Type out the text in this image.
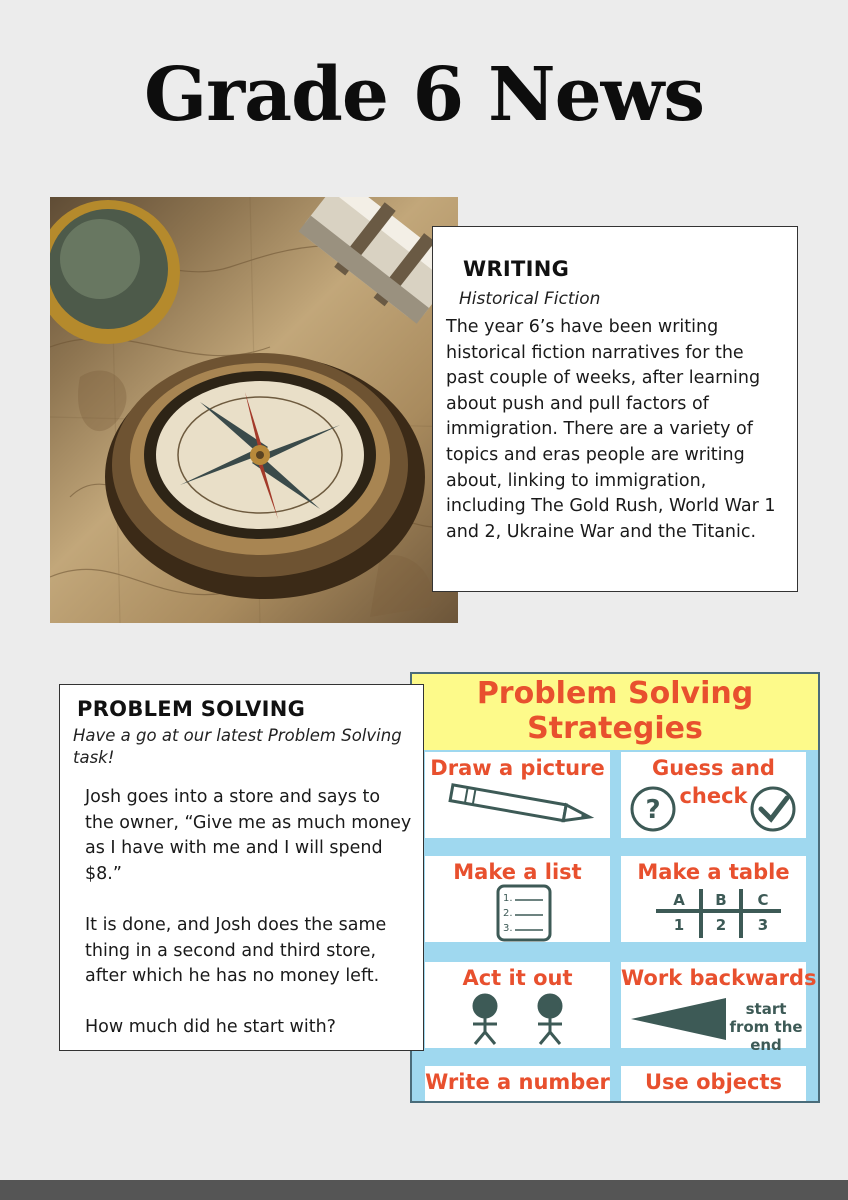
Grade 6 News
WRITING

Historical Fiction

The year 6’s have been writing historical fiction narratives for the past couple of weeks, after learning about push and pull factors of immigration. There are a variety of topics and eras people are writing about, linking to immigration, including The Gold Rush, World War 1 and 2, Ukraine War and the Titanic.

Problem Solving
Strategies
Draw a picture	Guess and
check
?
Make a list
1.
2.
3.
Make a table
A B C
1 2 3
Act it out	Work backwards
start from the end
Write a number	Use objects
PROBLEM SOLVING

Have a go at our latest Problem Solving task!

Josh goes into a store and says to the owner, “Give me as much money as I have with me and I will spend $8.”

It is done, and Josh does the same thing in a second and third store, after which he has no money left.

How much did he start with?
